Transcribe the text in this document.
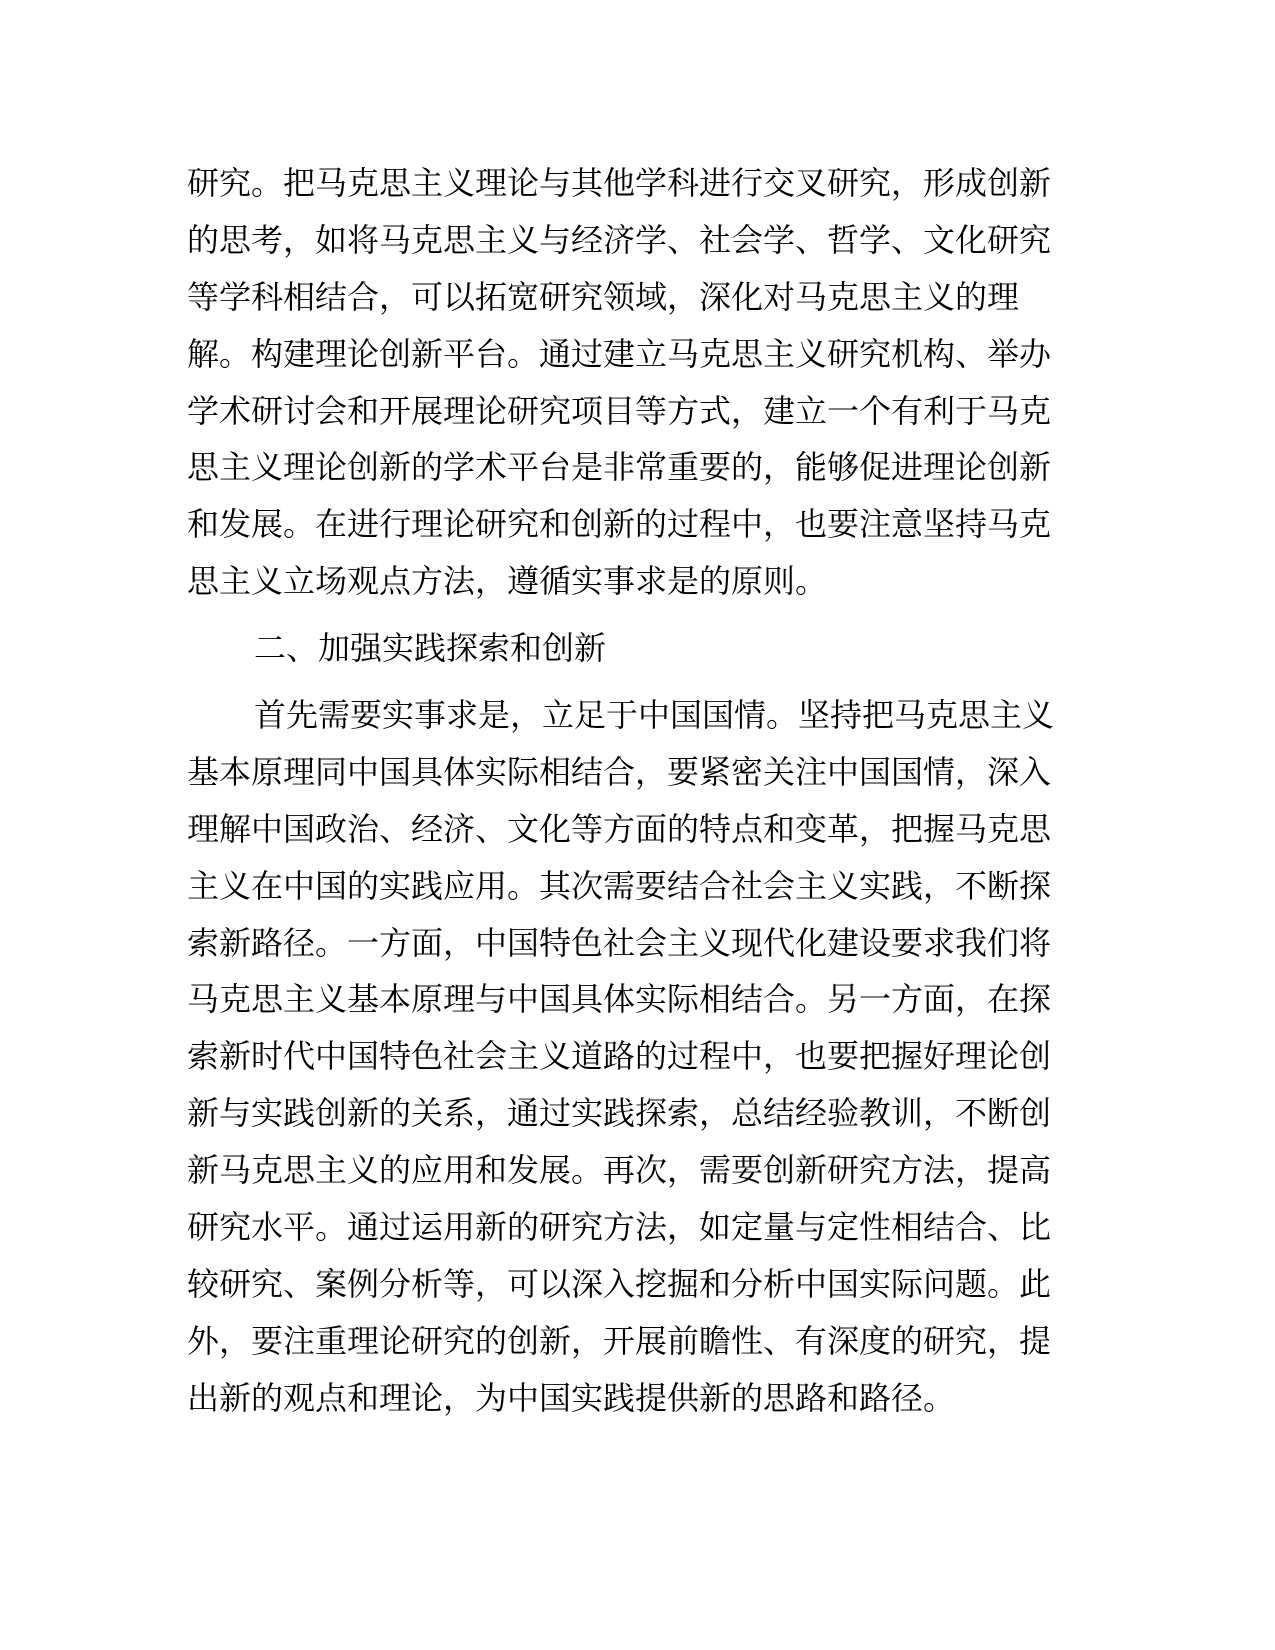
研究。把马克思主义理论与其他学科进行交叉研究，形成创新
的思考，如将马克思主义与经济学、社会学、哲学、文化研究
等学科相结合，可以拓宽研究领域，深化对马克思主义的理
解。构建理论创新平台。通过建立马克思主义研究机构、举办
学术研讨会和开展理论研究项目等方式，建立一个有利于马克
思主义理论创新的学术平台是非常重要的，能够促进理论创新
和发展。在进行理论研究和创新的过程中，也要注意坚持马克
思主义立场观点方法，遵循实事求是的原则。
二、加强实践探索和创新
首先需要实事求是，立足于中国国情。坚持把马克思主义
基本原理同中国具体实际相结合，要紧密关注中国国情，深入
理解中国政治、经济、文化等方面的特点和变革，把握马克思
主义在中国的实践应用。其次需要结合社会主义实践，不断探
索新路径。一方面，中国特色社会主义现代化建设要求我们将
马克思主义基本原理与中国具体实际相结合。另一方面，在探
索新时代中国特色社会主义道路的过程中，也要把握好理论创
新与实践创新的关系，通过实践探索，总结经验教训，不断创
新马克思主义的应用和发展。再次，需要创新研究方法，提高
研究水平。通过运用新的研究方法，如定量与定性相结合、比
较研究、案例分析等，可以深入挖掘和分析中国实际问题。此
外，要注重理论研究的创新，开展前瞻性、有深度的研究，提
出新的观点和理论，为中国实践提供新的思路和路径。
